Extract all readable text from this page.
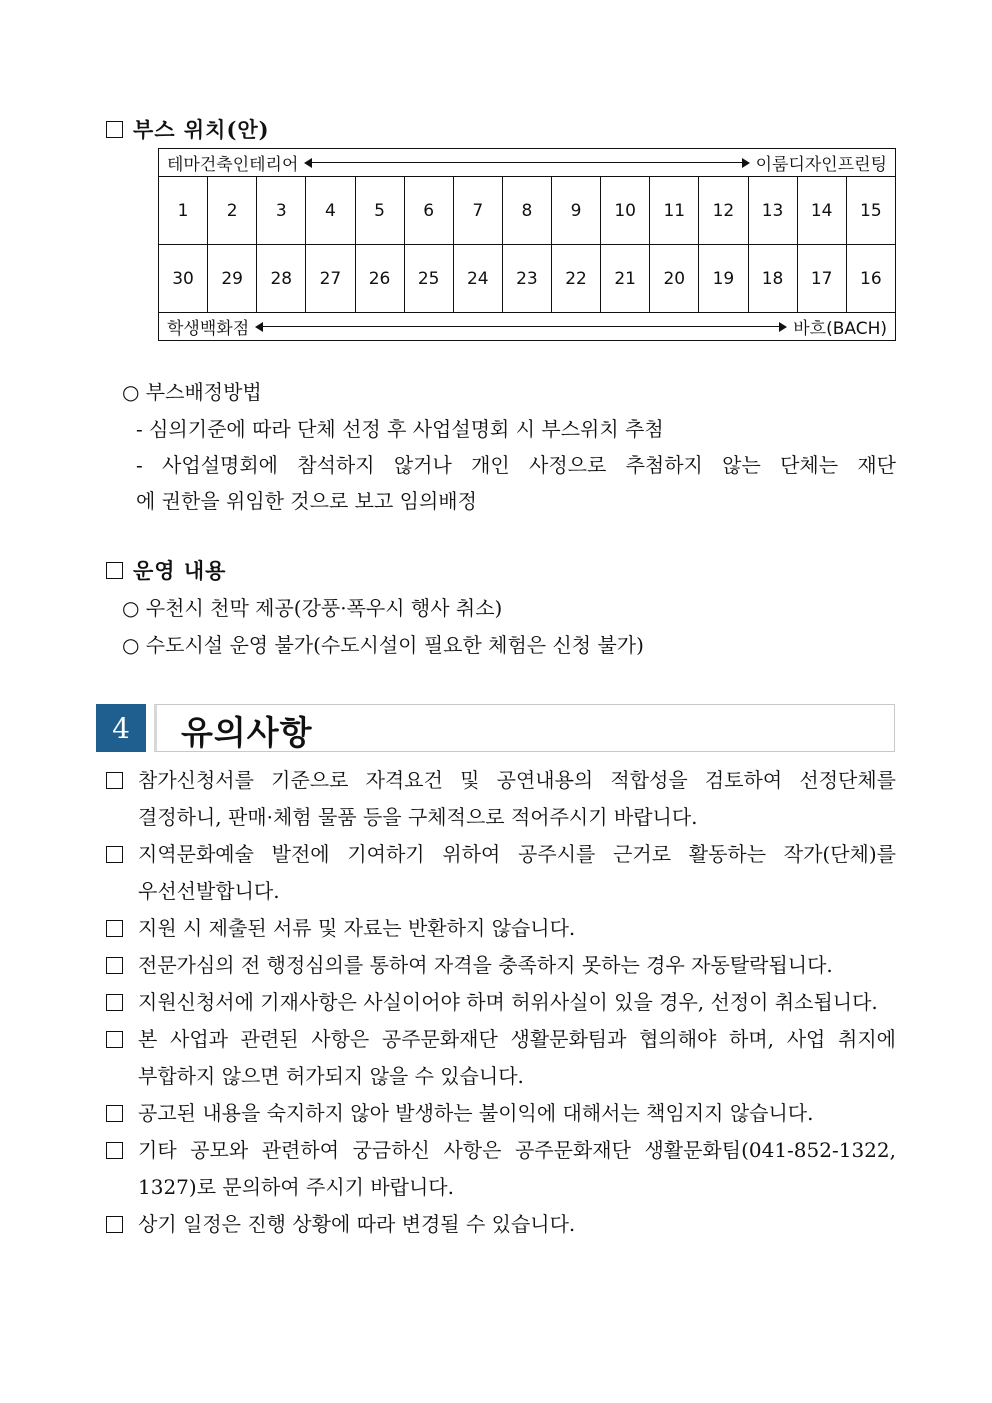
부스 위치(안)
테마건축인테리어 이룸디자인프린팅														

1	2	3	4	5	6	7	8	9	10	11	12	13	14	15
30	29	28	27	26	25	24	23	22	21	20	19	18	17	16

학생백화점 바흐(BACH)														
○ 부스배정방법
- 심의기준에 따라 단체 선정 후 사업설명회 시 부스위치 추첨
- 사업설명회에 참석하지 않거나 개인 사정으로 추첨하지 않는 단체는 재단
에 권한을 위임한 것으로 보고 임의배정
운영 내용
○ 우천시 천막 제공(강풍·폭우시 행사 취소)
○ 수도시설 운영 불가(수도시설이 필요한 체험은 신청 불가)
4	유의사항
참가신청서를 기준으로 자격요건 및 공연내용의 적합성을 검토하여 선정단체를
결정하니, 판매·체험 물품 등을 구체적으로 적어주시기 바랍니다.
지역문화예술 발전에 기여하기 위하여 공주시를 근거로 활동하는 작가(단체)를
우선선발합니다.
지원 시 제출된 서류 및 자료는 반환하지 않습니다.
전문가심의 전 행정심의를 통하여 자격을 충족하지 못하는 경우 자동탈락됩니다.
지원신청서에 기재사항은 사실이어야 하며 허위사실이 있을 경우, 선정이 취소됩니다.
본 사업과 관련된 사항은 공주문화재단 생활문화팀과 협의해야 하며, 사업 취지에
부합하지 않으면 허가되지 않을 수 있습니다.
공고된 내용을 숙지하지 않아 발생하는 불이익에 대해서는 책임지지 않습니다.
기타 공모와 관련하여 궁금하신 사항은 공주문화재단 생활문화팀(041-852-1322,
1327)로 문의하여 주시기 바랍니다.
상기 일정은 진행 상황에 따라 변경될 수 있습니다.
